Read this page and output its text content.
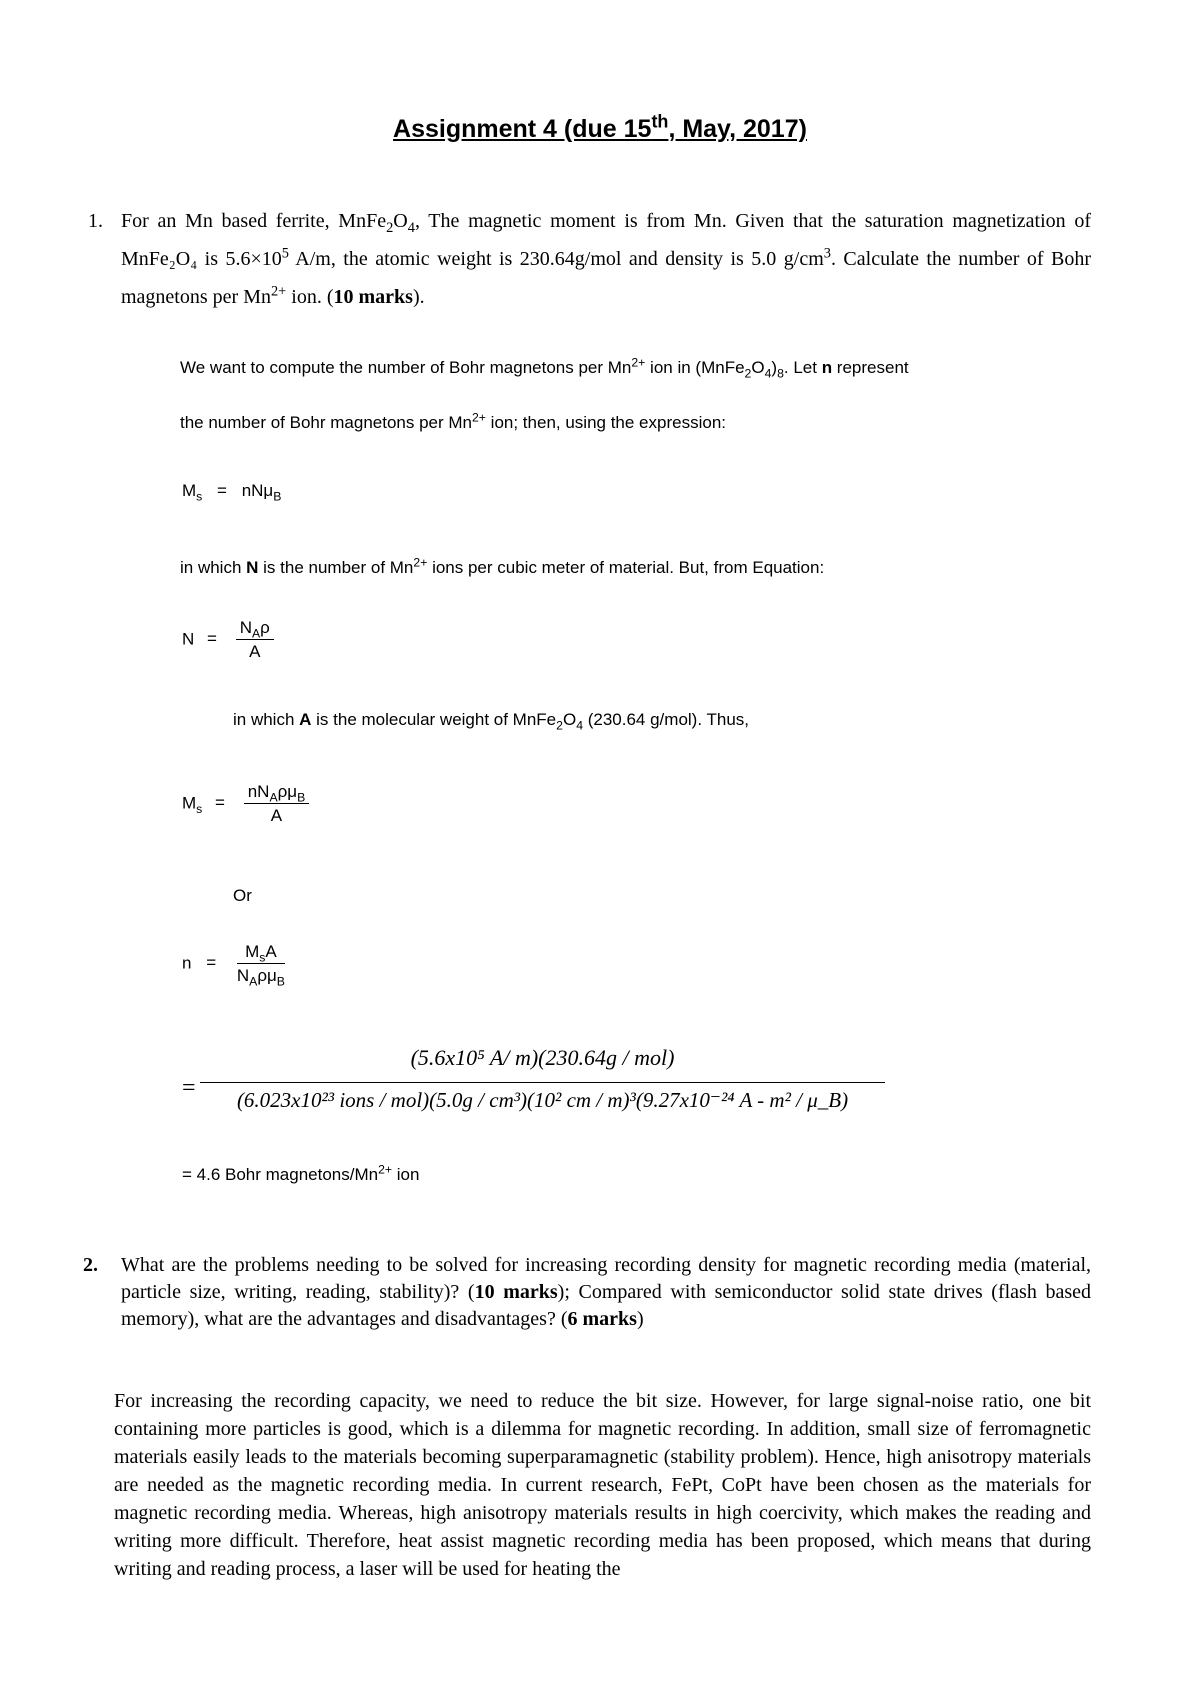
Assignment 4 (due 15th, May, 2017)
1. For an Mn based ferrite, $MnFe_2O_4$, The magnetic moment is from Mn. Given that the saturation magnetization of MnFe₂O₄ is $5.6\times 10^5$ A/m, the atomic weight is 230.64g/mol and density is 5.0 $g/cm^3$. Calculate the number of Bohr magnetons per $Mn^{2+}$ ion. (10 marks).
We want to compute the number of Bohr magnetons per $Mn^{2+}$ ion in $(MnFe_2O_4)_8$. Let n represent
the number of Bohr magnetons per $Mn^{2+}$ ion; then, using the expression:
$M_s = nN\mu_B$
in which N is the number of $Mn^{2+}$ ions per cubic meter of material. But, from Equation:
$N = \frac{N_A\rho}{A}$
in which A is the molecular weight of $MnFe_2O_4$ (230.64 g/mol). Thus,
$M_s = \frac{nN_A\rho\mu_B}{A}$
Or
$n = \frac{M_sA}{N_A\rho\mu_B}$
=
(5.6x10⁵ A/ m)(230.64g / mol)
(6.023x10²³ ions / mol)(5.0g / cm³)(10² cm / m)³(9.27x10⁻²⁴ A - m² / μ_B)
= 4.6 Bohr magnetons/$Mn^{2+}$ ion
2. What are the problems needing to be solved for increasing recording density for magnetic recording media (material, particle size, writing, reading, stability)? (10 marks); Compared with semiconductor solid state drives (flash based memory), what are the advantages and disadvantages? (6 marks)
For increasing the recording capacity, we need to reduce the bit size. However, for large signal-noise ratio, one bit containing more particles is good, which is a dilemma for magnetic recording. In addition, small size of ferromagnetic materials easily leads to the materials becoming superparamagnetic (stability problem). Hence, high anisotropy materials are needed as the magnetic recording media. In current research, FePt, CoPt have been chosen as the materials for magnetic recording media. Whereas, high anisotropy materials results in high coercivity, which makes the reading and writing more difficult. Therefore, heat assist magnetic recording media has been proposed, which means that during writing and reading process, a laser will be used for heating the
